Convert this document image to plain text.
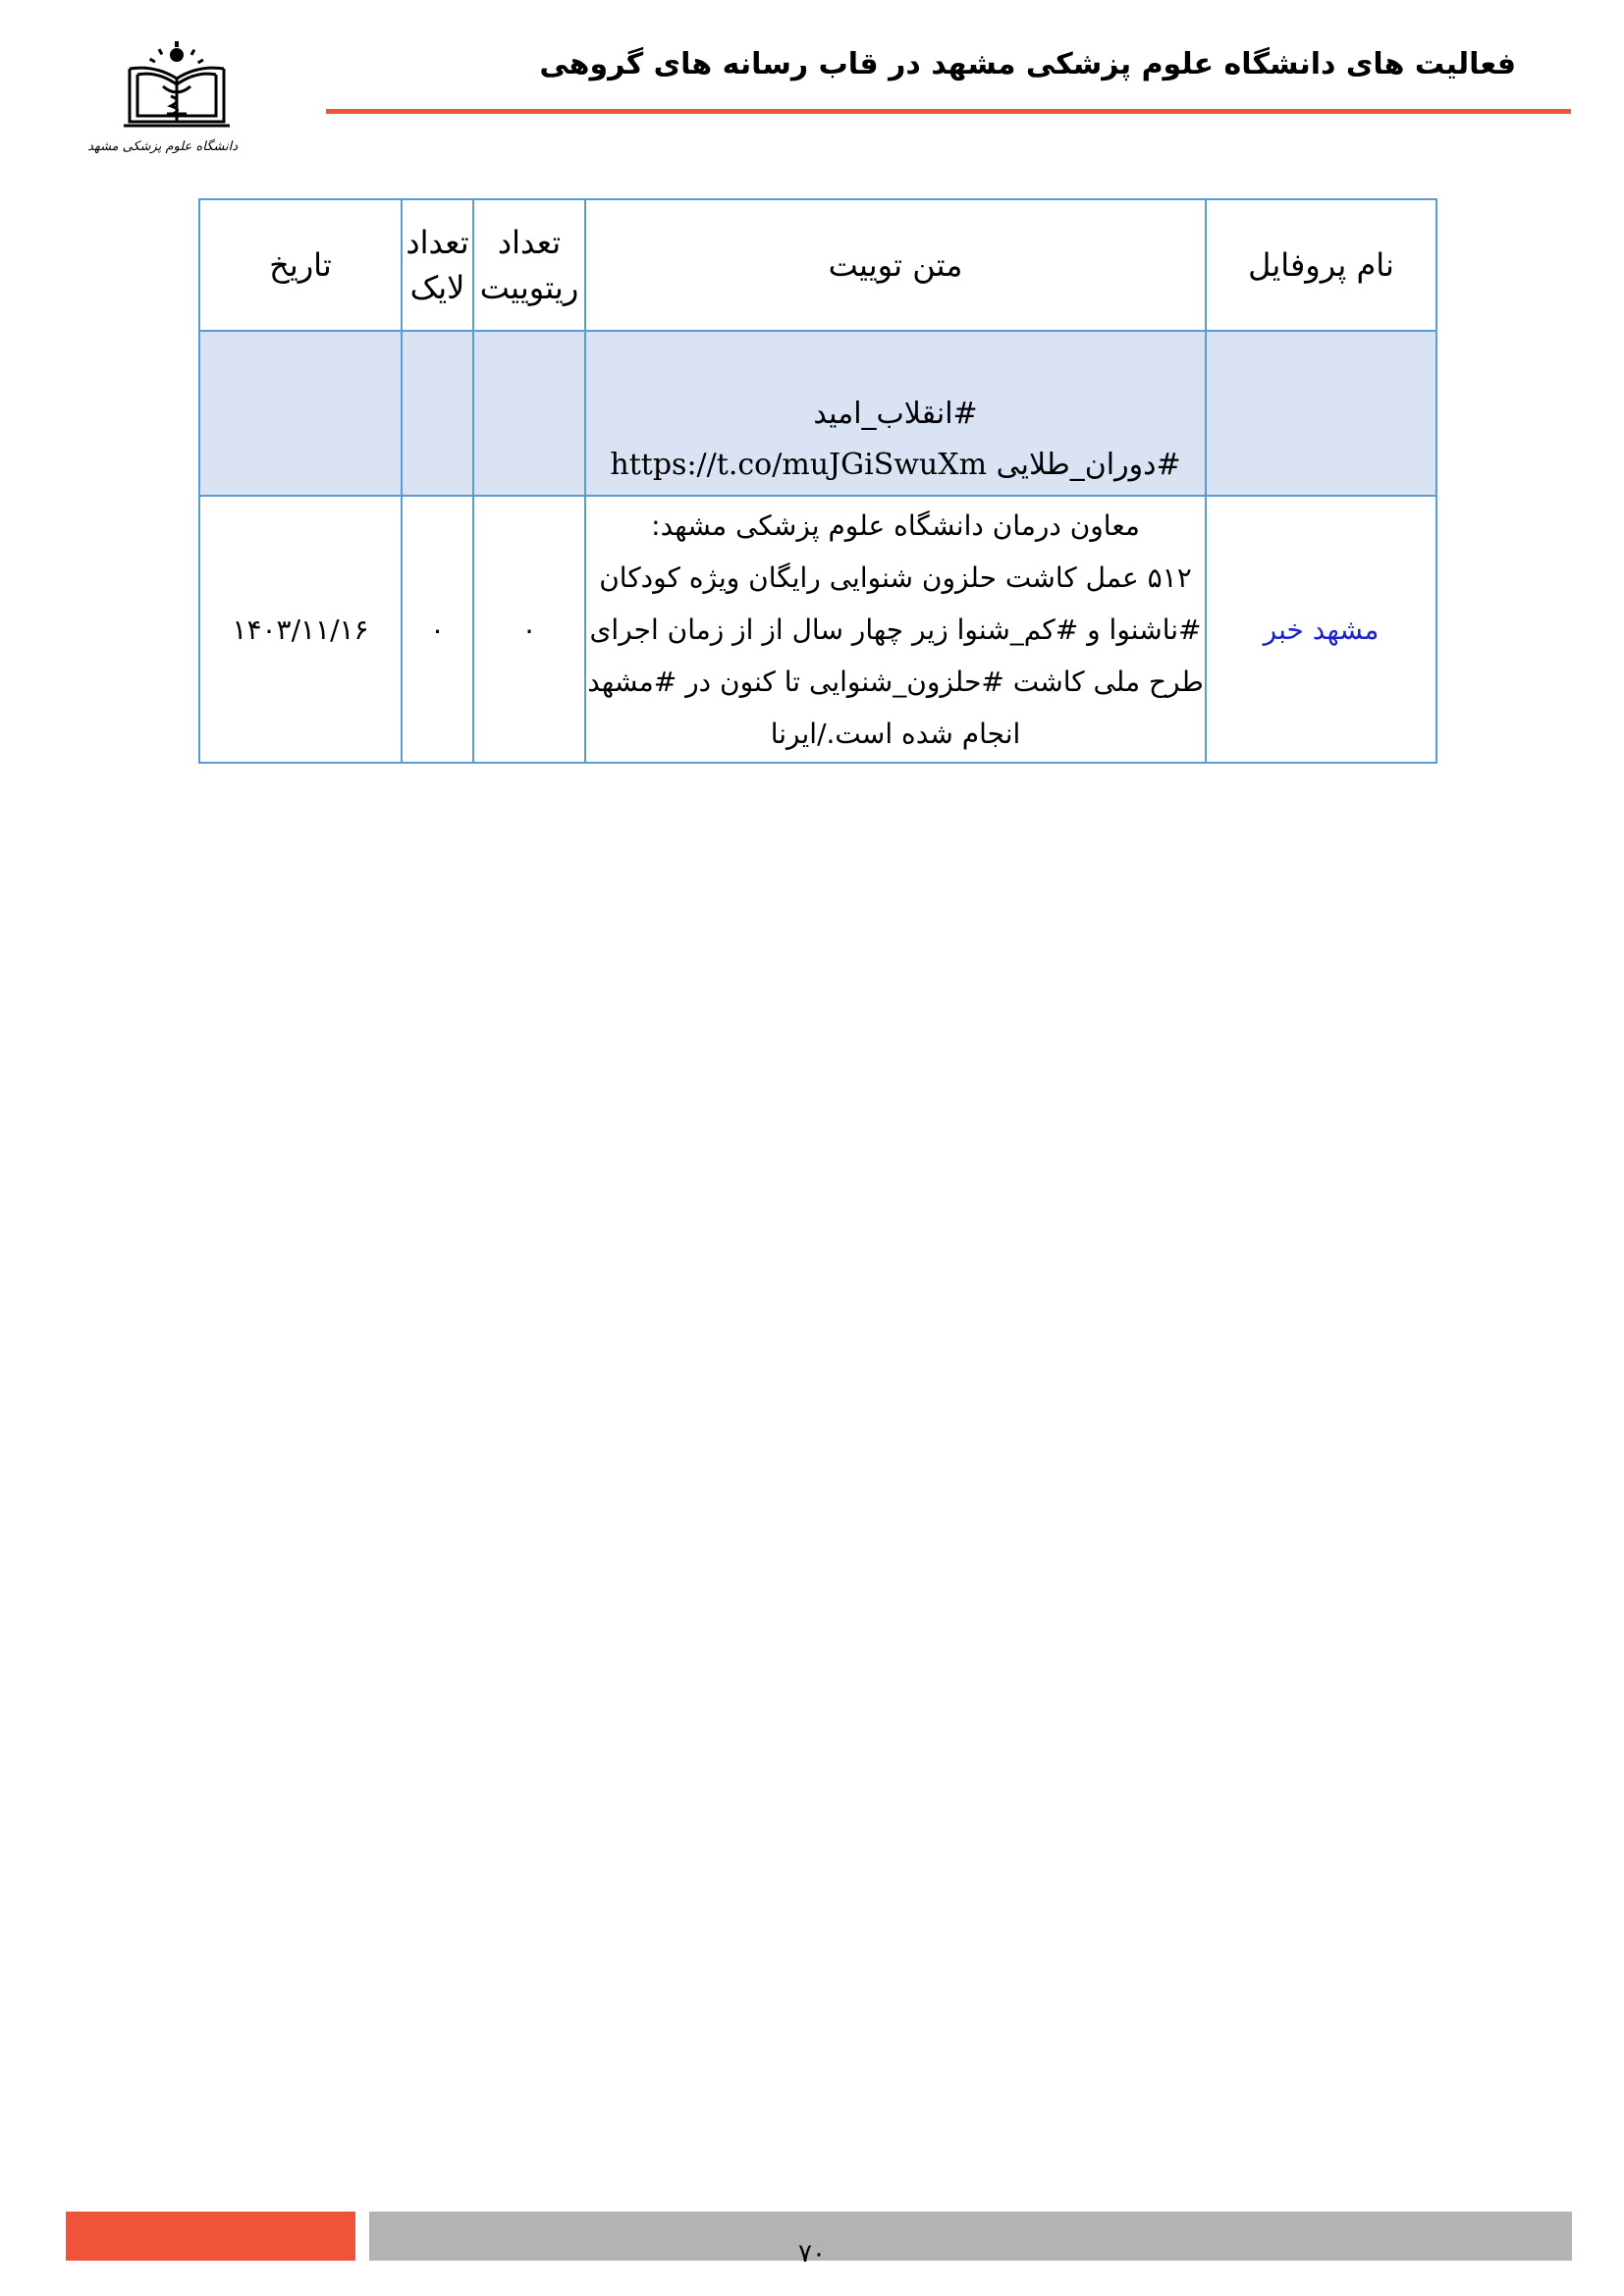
دانشگاه علوم پزشکی مشهد
فعالیت های دانشگاه علوم پزشکی مشهد در قاب رسانه های گروهی
نام پروفایل	متن توییت	تعداد ریتوییت	تعداد لایک	تاریخ

	#انقلاب_امید
#دوران_طلایی https://t.co/muJGiSwuXm			

مشهد خبر	معاون درمان دانشگاه علوم پزشکی مشهد:
۵۱۲ عمل کاشت حلزون شنوایی رایگان ویژه کودکان
#ناشنوا و #کم_شنوا زیر چهار سال از از زمان اجرای
طرح ملی کاشت #حلزون_شنوایی تا کنون در #مشهد
انجام شده است./ایرنا	۰	۰	۱۴۰۳/۱۱/۱۶
۷۰
